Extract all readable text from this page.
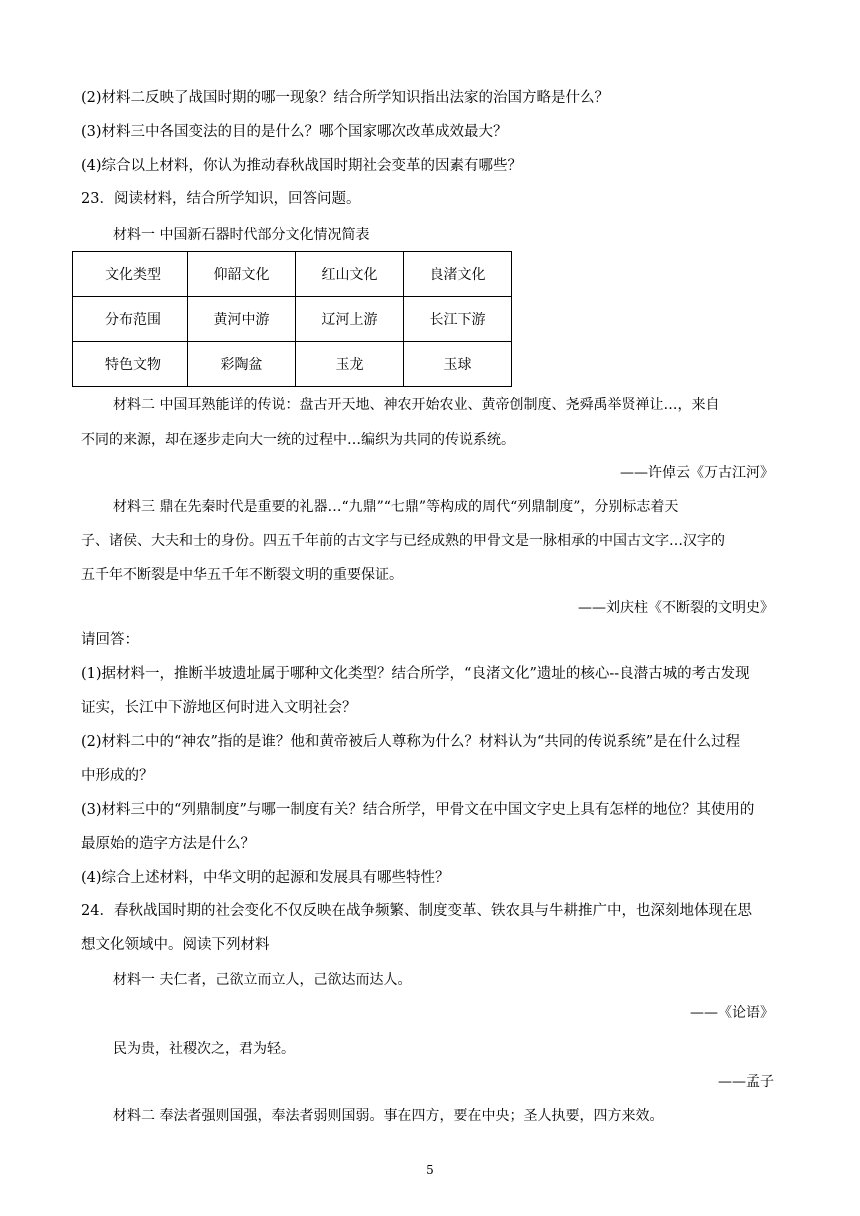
(2)材料二反映了战国时期的哪一现象？结合所学知识指出法家的治国方略是什么？
(3)材料三中各国变法的目的是什么？哪个国家哪次改革成效最大？
(4)综合以上材料，你认为推动春秋战国时期社会变革的因素有哪些？
23．阅读材料，结合所学知识，回答问题。
材料一 中国新石器时代部分文化情况简表
文化类型	仰韶文化	红山文化	良渚文化
分布范围	黄河中游	辽河上游	长江下游
特色文物	彩陶盆	玉龙	玉球
材料二 中国耳熟能详的传说：盘古开天地、神农开始农业、黄帝创制度、尧舜禹举贤禅让…，来自
不同的来源，却在逐步走向大一统的过程中…编织为共同的传说系统。
——许倬云《万古江河》
材料三 鼎在先秦时代是重要的礼器…“九鼎”“七鼎”等构成的周代“列鼎制度”，分别标志着天
子、诸侯、大夫和士的身份。四五千年前的古文字与已经成熟的甲骨文是一脉相承的中国古文字…汉字的
五千年不断裂是中华五千年不断裂文明的重要保证。
——刘庆柱《不断裂的文明史》
请回答：
(1)据材料一，推断半坡遗址属于哪种文化类型？结合所学，“良渚文化”遗址的核心--良潜古城的考古发现
证实，长江中下游地区何时进入文明社会？
(2)材料二中的“神农”指的是谁？他和黄帝被后人尊称为什么？材料认为“共同的传说系统”是在什么过程
中形成的？
(3)材料三中的“列鼎制度”与哪一制度有关？结合所学，甲骨文在中国文字史上具有怎样的地位？其使用的
最原始的造字方法是什么？
(4)综合上述材料，中华文明的起源和发展具有哪些特性？
24．春秋战国时期的社会变化不仅反映在战争频繁、制度变革、铁农具与牛耕推广中，也深刻地体现在思
想文化领域中。阅读下列材料
材料一 夫仁者，己欲立而立人，己欲达而达人。
——《论语》
民为贵，社稷次之，君为轻。
——孟子
材料二 奉法者强则国强，奉法者弱则国弱。事在四方，要在中央；圣人执要，四方来效。
5
